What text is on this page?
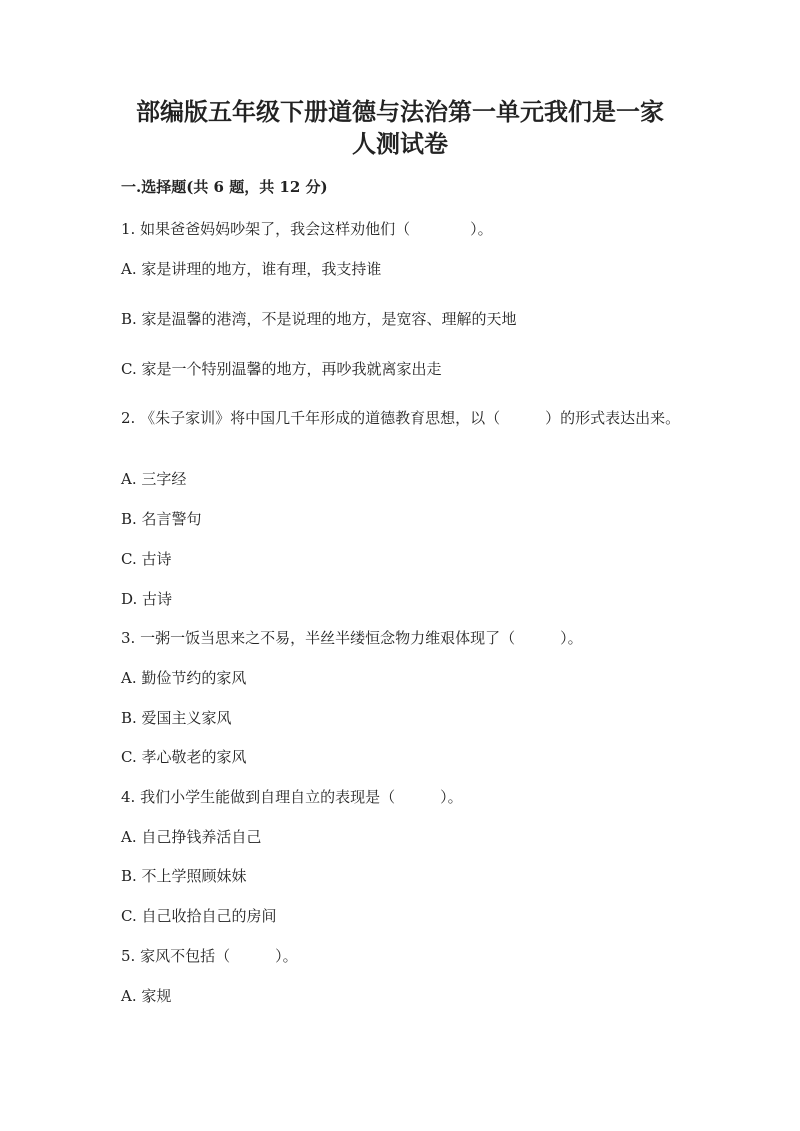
部编版五年级下册道德与法治第一单元我们是一家
人测试卷
一.选择题(共 6 题，共 12 分)
1. 如果爸爸妈妈吵架了，我会这样劝他们（　　　　）。
A. 家是讲理的地方，谁有理，我支持谁
B. 家是温馨的港湾，不是说理的地方，是宽容、理解的天地
C. 家是一个特别温馨的地方，再吵我就离家出走
2. 《朱子家训》将中国几千年形成的道德教育思想，以（　　　）的形式表达出来。
A. 三字经
B. 名言警句
C. 古诗
D. 古诗
3. 一粥一饭当思来之不易，半丝半缕恒念物力维艰体现了（　　　）。
A. 勤俭节约的家风
B. 爱国主义家风
C. 孝心敬老的家风
4. 我们小学生能做到自理自立的表现是（　　　）。
A. 自己挣钱养活自己
B. 不上学照顾妹妹
C. 自己收拾自己的房间
5. 家风不包括（　　　）。
A. 家规
